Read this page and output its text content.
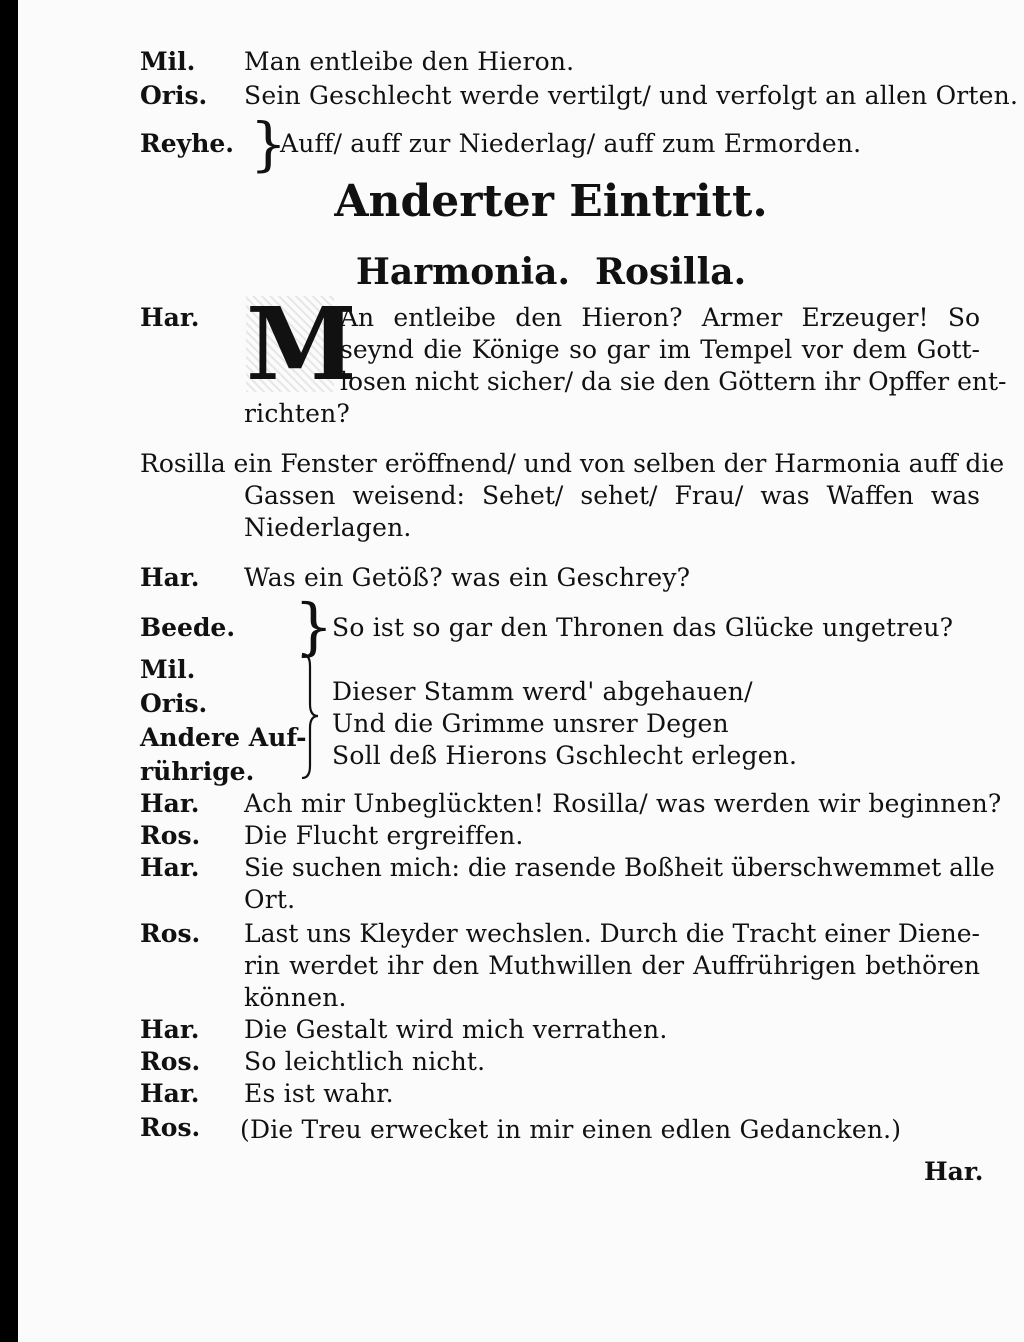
Mil. Man entleibe den Hieron.
Oris. Sein Geschlecht werde vertilgt/ und verfolgt an allen Orten.
Reyhe. }
Auff/ auff zur Niederlag/ auff zum Ermorden.
Anderter Eintritt.
Harmonia.  Rosilla.
Har. M
An entleibe den Hieron? Armer Erzeuger! So
seynd die Könige so gar im Tempel vor dem Gott-
losen nicht sicher/ da sie den Göttern ihr Opffer ent-
richten?
Rosilla ein Fenster eröffnend/ und von selben der Harmonia auff die
Gassen weisend: Sehet/ sehet/ Frau/ was Waffen was
Niederlagen.
Har. Was ein Getöß? was ein Geschrey?
Beede. }
So ist so gar den Thronen das Glücke ungetreu?
Mil.
Oris.
Andere Auf-
rührige.
Dieser Stamm werd' abgehauen/
Und die Grimme unsrer Degen
Soll deß Hierons Gschlecht erlegen.
Har. Ach mir Unbeglückten! Rosilla/ was werden wir beginnen?
Ros. Die Flucht ergreiffen.
Har. Sie suchen mich: die rasende Boßheit überschwemmet alle
Ort.
Ros. Last uns Kleyder wechslen. Durch die Tracht einer Diene-
rin werdet ihr den Muthwillen der Auffrührigen bethören
können.
Har. Die Gestalt wird mich verrathen.
Ros. So leichtlich nicht.
Har. Es ist wahr.
Ros. (Die Treu erwecket in mir einen edlen Gedancken.)
Har.
